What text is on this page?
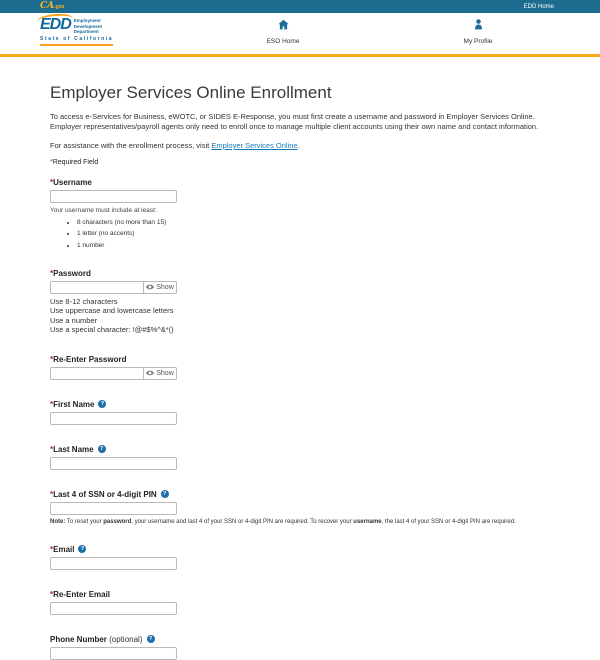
CA.gov	EDD Home
EDD Employment
Development
Department
State of California	ESO Home	My Profile
Employer Services Online Enrollment

To access e-Services for Business, eWOTC, or SIDES E-Response, you must first create a username and password in Employer Services Online. Employer representatives/payroll agents only need to enroll once to manage multiple client accounts using their own name and contact information.

For assistance with the enrollment process, visit Employer Services Online.

*Required Field

*Username
Your username must include at least:
• 8 characters (no more than 15)
• 1 letter (no accents)
• 1 number
*Password
Show
Use 8-12 characters
Use uppercase and lowercase letters
Use a number
Use a special character: !@#$%^&*()
*Re-Enter Password
Show
*First Name?
*Last Name?
*Last 4 of SSN or 4-digit PIN?
Note: To reset your password, your username and last 4 of your SSN or 4-digit PIN are required. To recover your username, the last 4 of your SSN or 4-digit PIN are required.
*Email?
*Re-Enter Email
Phone Number (optional)?
